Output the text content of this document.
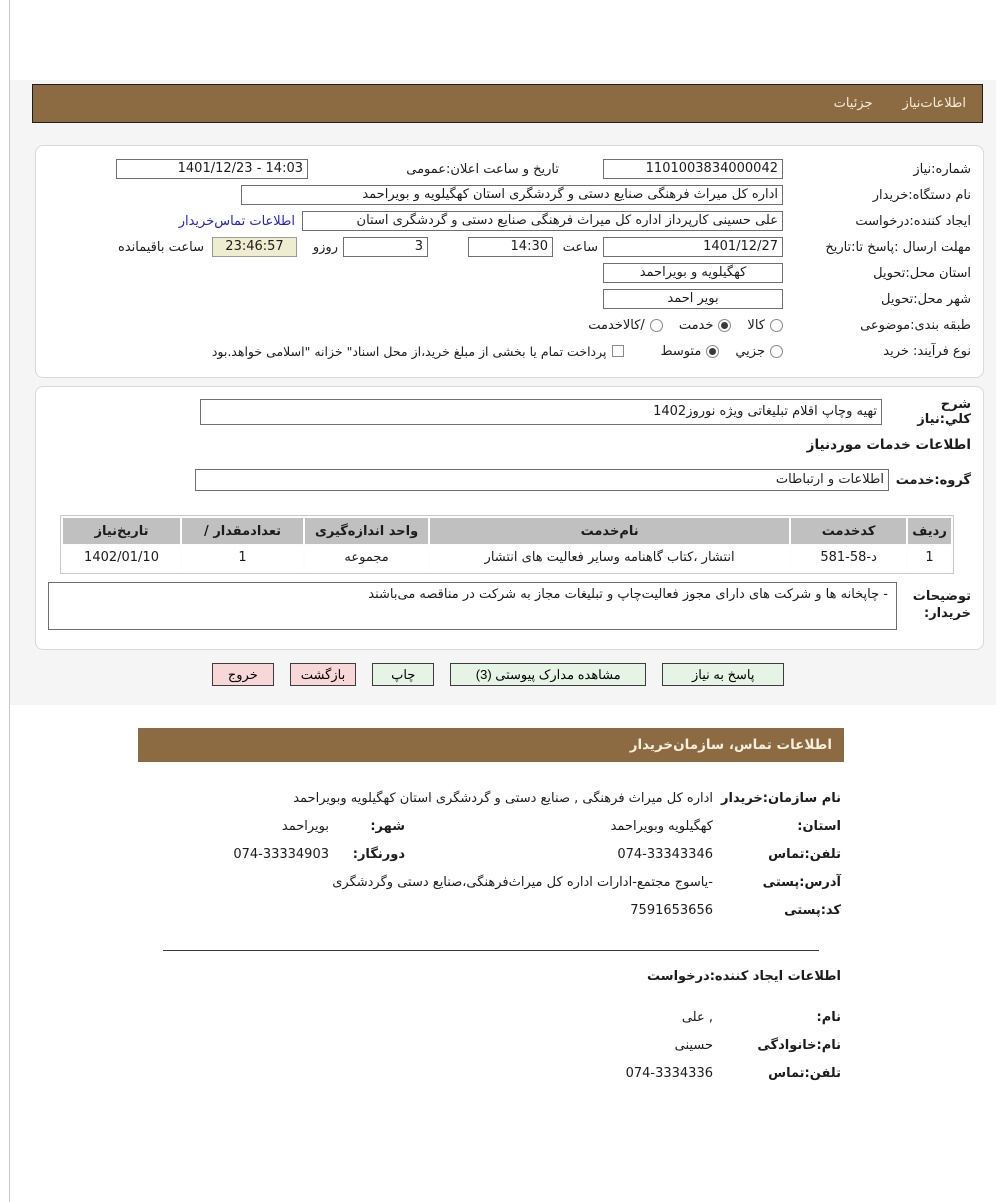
اطلاعات‌نیاز
جزئیات
شماره:نیاز
1101003834000042
تاریخ و ساعت اعلان:عمومی
1401/12/23 - 14:03
نام دستگاه:خریدار
اداره کل میراث فرهنگی صنایع دستی و گردشگری استان کهگیلویه و بویراحمد
ایجاد کننده:درخواست
علی حسینی کارپرداز اداره کل میراث فرهنگی صنایع دستی و گردشگری استان
اطلاعات تماس‌خریدار
مهلت ارسال :پاسخ تا:تاریخ
1401/12/27
ساعت
14:30
3
روزو
23:46:57
ساعت باقیمانده
استان محل:تحویل
کهگیلویه و بویراحمد
شهر محل:تحویل
بویر احمد
طبقه بندی:موضوعی
کالا
خدمت
/کالاخدمت
نوع فرآیند: خرید
جزيي
متوسط
پرداخت تمام یا بخشی از مبلغ خرید،از محل اسناد" خزانه "اسلامی خواهد.بود
شرح کلي:نیاز
تهیه وچاپ اقلام تبلیغاتی ویژه نوروز1402
اطلاعات خدمات موردنیاز
گروه:خدمت
اطلاعات و ارتباطات
ردیف	کدخدمت	نام‌خدمت	واحد اندازه‌گیری	/ تعدادمقدار	تاریخ‌نیاز
1	581-58-د	انتشار ،کتاب گاهنامه وسایر فعالیت های انتشار	مجموعه	1	1402/01/10
توضیحات
خریدار:
- چاپخانه ها و شرکت های دارای مجوز فعالیت‌چاپ و تبلیغات مجاز به شرکت در مناقصه می‌باشند
پاسخ به نیاز
مشاهده مدارک پیوستی (3)
چاپ
بازگشت
خروج
اطلاعات تماس، سازمان‌خریدار
نام سازمان:خریدار
اداره کل میراث فرهنگی , صنایع دستی و گردشگری استان کهگیلویه وبویراحمد
استان:
کهگیلویه وبویراحمد
شهر:
بویراحمد
تلفن:تماس
074-33343346
دورنگار:
074-33334903
آدرس:پستی
-یاسوج مجتمع-ادارات اداره کل میراث‌فرهنگی،صنایع دستی وگردشگری
کد:پستی
7591653656
اطلاعات ایجاد کننده:درخواست
نام:
علی ,
نام:خانوادگی
حسینی
تلفن:تماس
074-3334336
